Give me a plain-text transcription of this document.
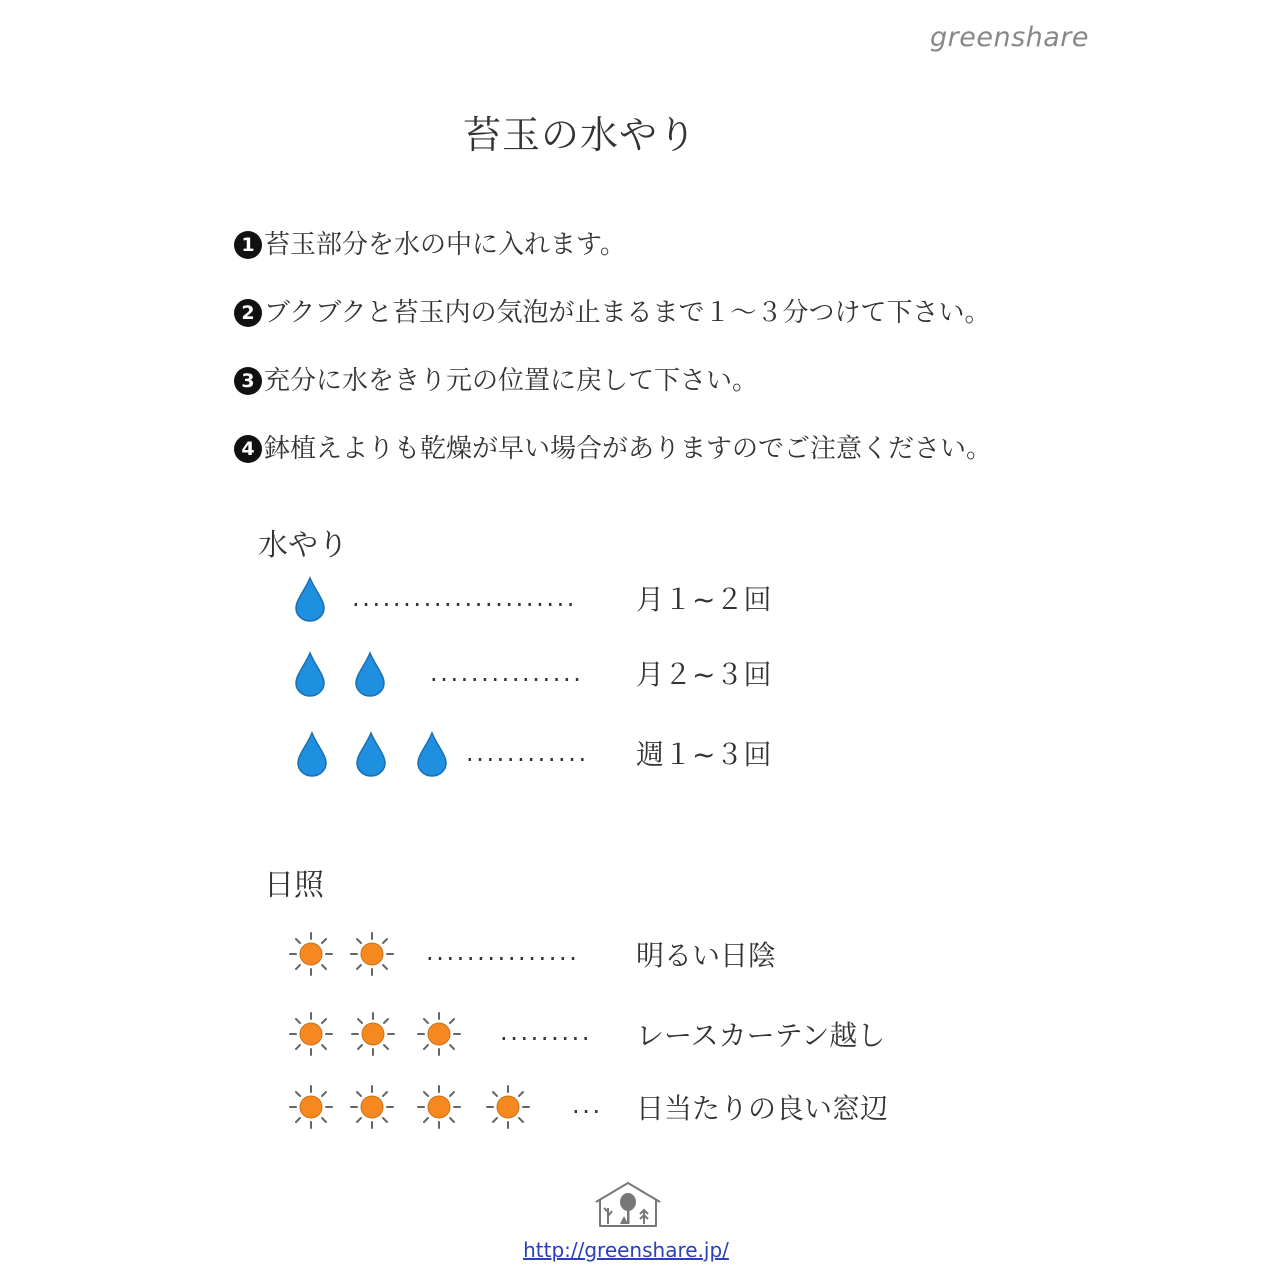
greenshare
苔玉の水やり
1 苔玉部分を水の中に入れます。
2 ブクブクと苔玉内の気泡が止まるまで１～３分つけて下さい。
3 充分に水をきり元の位置に戻して下さい。
4 鉢植えよりも乾燥が早い場合がありますのでご注意ください。
水やり
......................	月１~２回
...............	月２~３回
............	週１~３回
日照
...............	明るい日陰
.........	レースカーテン越し
...	日当たりの良い窓辺
http://greenshare.jp/
